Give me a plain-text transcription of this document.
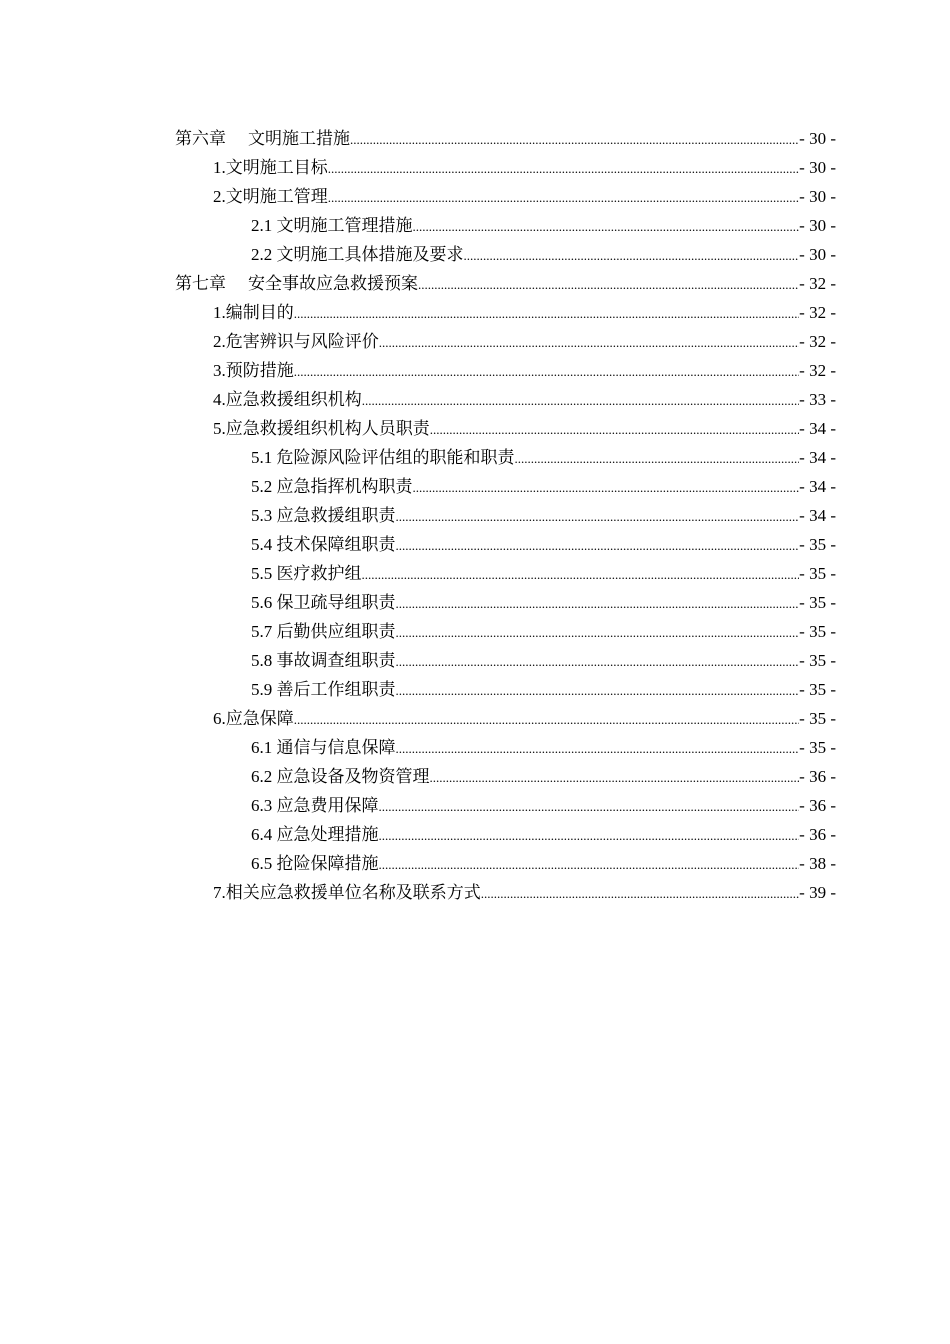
第六章 文明施工措施 .....	- 30 -
1.文明施工目标 .....	- 30 -
2.文明施工管理 .....	- 30 -
2.1 文明施工管理措施 .....	- 30 -
2.2 文明施工具体措施及要求 .....	- 30 -
第七章 安全事故应急救援预案 .....	- 32 -
1.编制目的 .....	- 32 -
2.危害辨识与风险评价 .....	- 32 -
3.预防措施 .....	- 32 -
4.应急救援组织机构 .....	- 33 -
5.应急救援组织机构人员职责 .....	- 34 -
5.1 危险源风险评估组的职能和职责 .....	- 34 -
5.2 应急指挥机构职责 .....	- 34 -
5.3 应急救援组职责 .....	- 34 -
5.4 技术保障组职责 .....	- 35 -
5.5 医疗救护组 .....	- 35 -
5.6 保卫疏导组职责 .....	- 35 -
5.7 后勤供应组职责 .....	- 35 -
5.8 事故调查组职责 .....	- 35 -
5.9 善后工作组职责 .....	- 35 -
6.应急保障 .....	- 35 -
6.1 通信与信息保障 .....	- 35 -
6.2 应急设备及物资管理 .....	- 36 -
6.3 应急费用保障 .....	- 36 -
6.4 应急处理措施 .....	- 36 -
6.5 抢险保障措施 .....	- 38 -
7.相关应急救援单位名称及联系方式 .....	- 39 -
